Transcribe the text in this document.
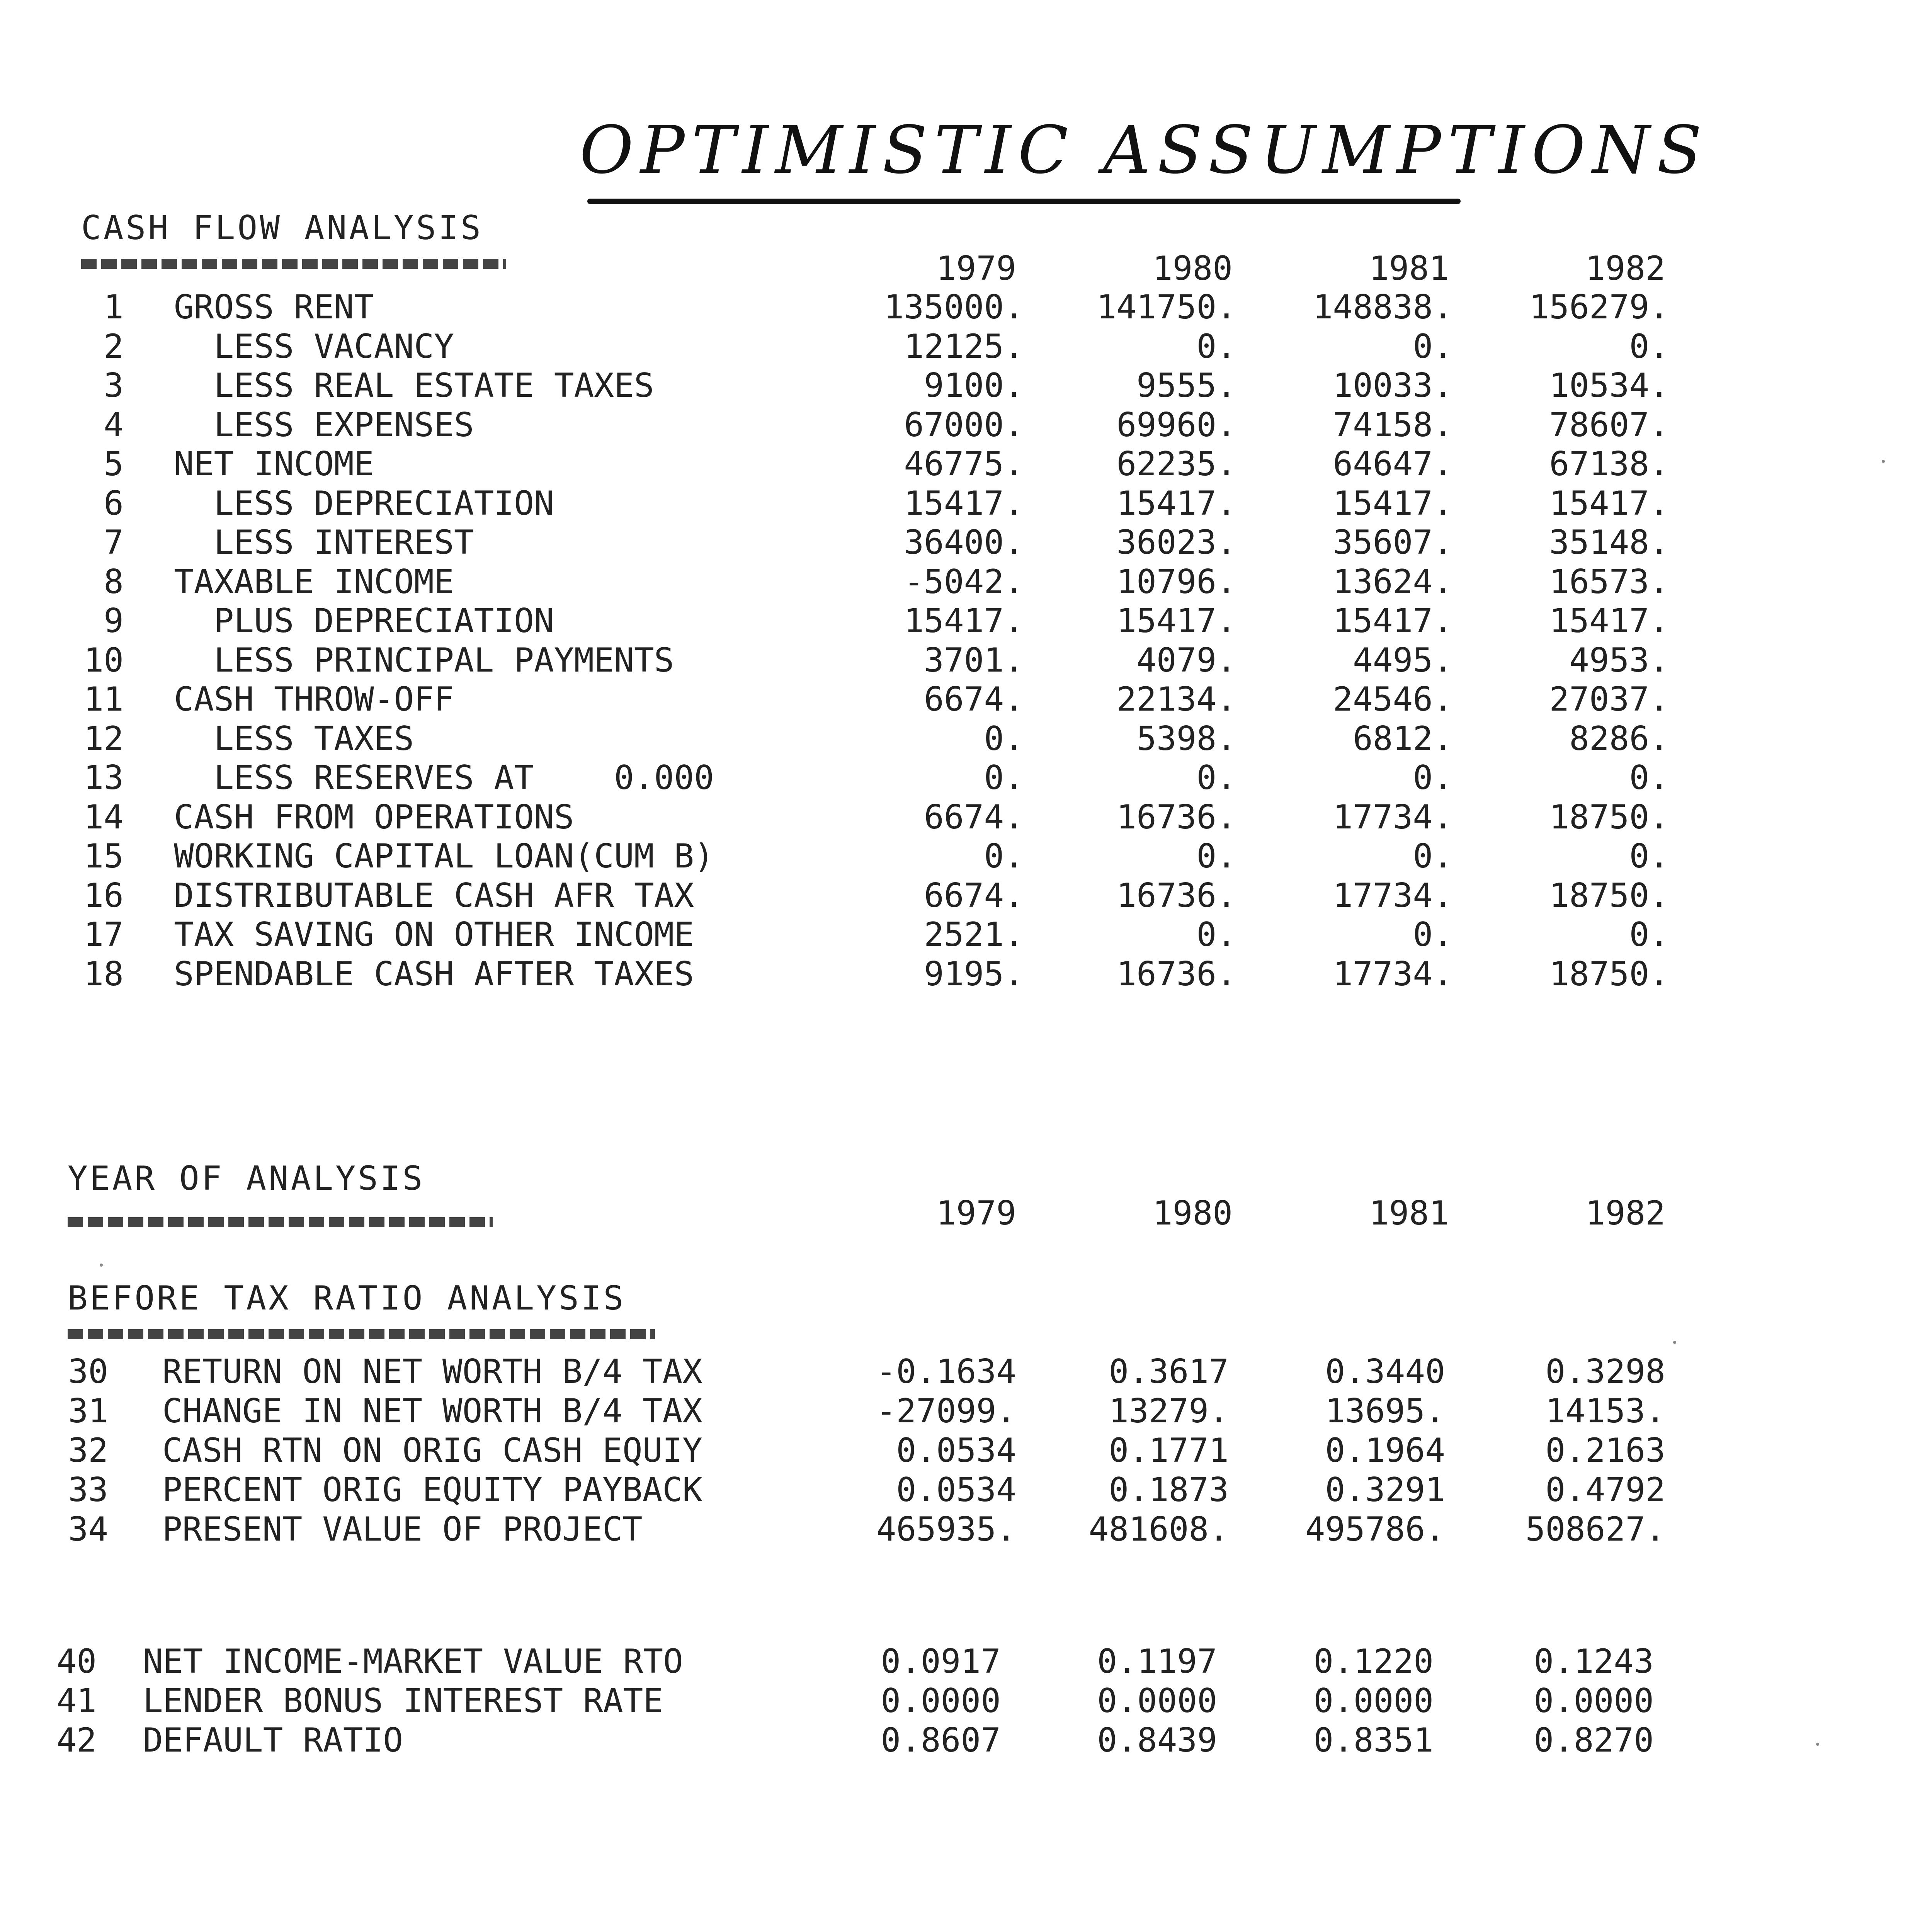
OPTIMISTIC ASSUMPTIONS
CASH FLOW ANALYSIS
1979	1980	1981	1982
1 GROSS RENT	135000.	141750.	148838.	156279.
2 LESS VACANCY	12125.	0.	0.	0.
3 LESS REAL ESTATE TAXES	9100.	9555.	10033.	10534.
4 LESS EXPENSES	67000.	69960.	74158.	78607.
5 NET INCOME	46775.	62235.	64647.	67138.
6 LESS DEPRECIATION	15417.	15417.	15417.	15417.
7 LESS INTEREST	36400.	36023.	35607.	35148.
8 TAXABLE INCOME	-5042.	10796.	13624.	16573.
9 PLUS DEPRECIATION	15417.	15417.	15417.	15417.
10 LESS PRINCIPAL PAYMENTS	3701.	4079.	4495.	4953.
11 CASH THROW-OFF	6674.	22134.	24546.	27037.
12 LESS TAXES	0.	5398.	6812.	8286.
13 LESS RESERVES AT    0.000	0.	0.	0.	0.
14 CASH FROM OPERATIONS	6674.	16736.	17734.	18750.
15 WORKING CAPITAL LOAN(CUM B)	0.	0.	0.	0.
16 DISTRIBUTABLE CASH AFR TAX	6674.	16736.	17734.	18750.
17 TAX SAVING ON OTHER INCOME	2521.	0.	0.	0.
18 SPENDABLE CASH AFTER TAXES	9195.	16736.	17734.	18750.
YEAR OF ANALYSIS
1979	1980	1981	1982
BEFORE TAX RATIO ANALYSIS
30 RETURN ON NET WORTH B/4 TAX	-0.1634	0.3617	0.3440	0.3298
31 CHANGE IN NET WORTH B/4 TAX	-27099.	13279.	13695.	14153.
32 CASH RTN ON ORIG CASH EQUIY	0.0534	0.1771	0.1964	0.2163
33 PERCENT ORIG EQUITY PAYBACK	0.0534	0.1873	0.3291	0.4792
34 PRESENT VALUE OF PROJECT	465935.	481608.	495786.	508627.
40 NET INCOME-MARKET VALUE RTO	0.0917	0.1197	0.1220	0.1243
41 LENDER BONUS INTEREST RATE	0.0000	0.0000	0.0000	0.0000
42 DEFAULT RATIO	0.8607	0.8439	0.8351	0.8270
